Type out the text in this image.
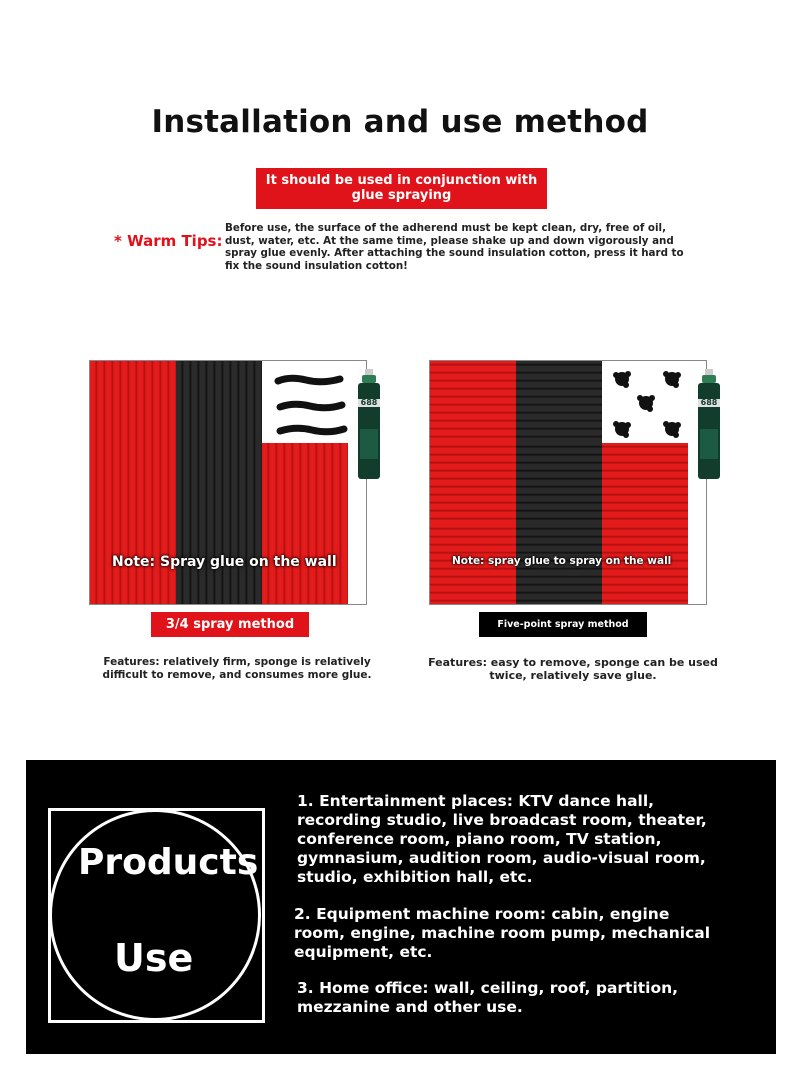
Installation and use method
It should be used in conjunction with glue spraying
* Warm Tips:
Before use, the surface of the adherend must be kept clean, dry, free of oil, dust, water, etc. At the same time, please shake up and down vigorously and spray glue evenly. After attaching the sound insulation cotton, press it hard to fix the sound insulation cotton!
Note: Spray glue on the wall
688
Note: spray glue to spray on the wall
688
3/4 spray method	Five-point spray method
Features: relatively firm, sponge is relatively difficult to remove, and consumes more glue.
Features: easy to remove, sponge can be used twice, relatively save glue.
Products
Use
1. Entertainment places: KTV dance hall, recording studio, live broadcast room, theater, conference room, piano room, TV station, gymnasium, audition room, audio-visual room, studio, exhibition hall, etc.
2. Equipment machine room: cabin, engine room, engine, machine room pump, mechanical equipment, etc.
3. Home office: wall, ceiling, roof, partition, mezzanine and other use.
